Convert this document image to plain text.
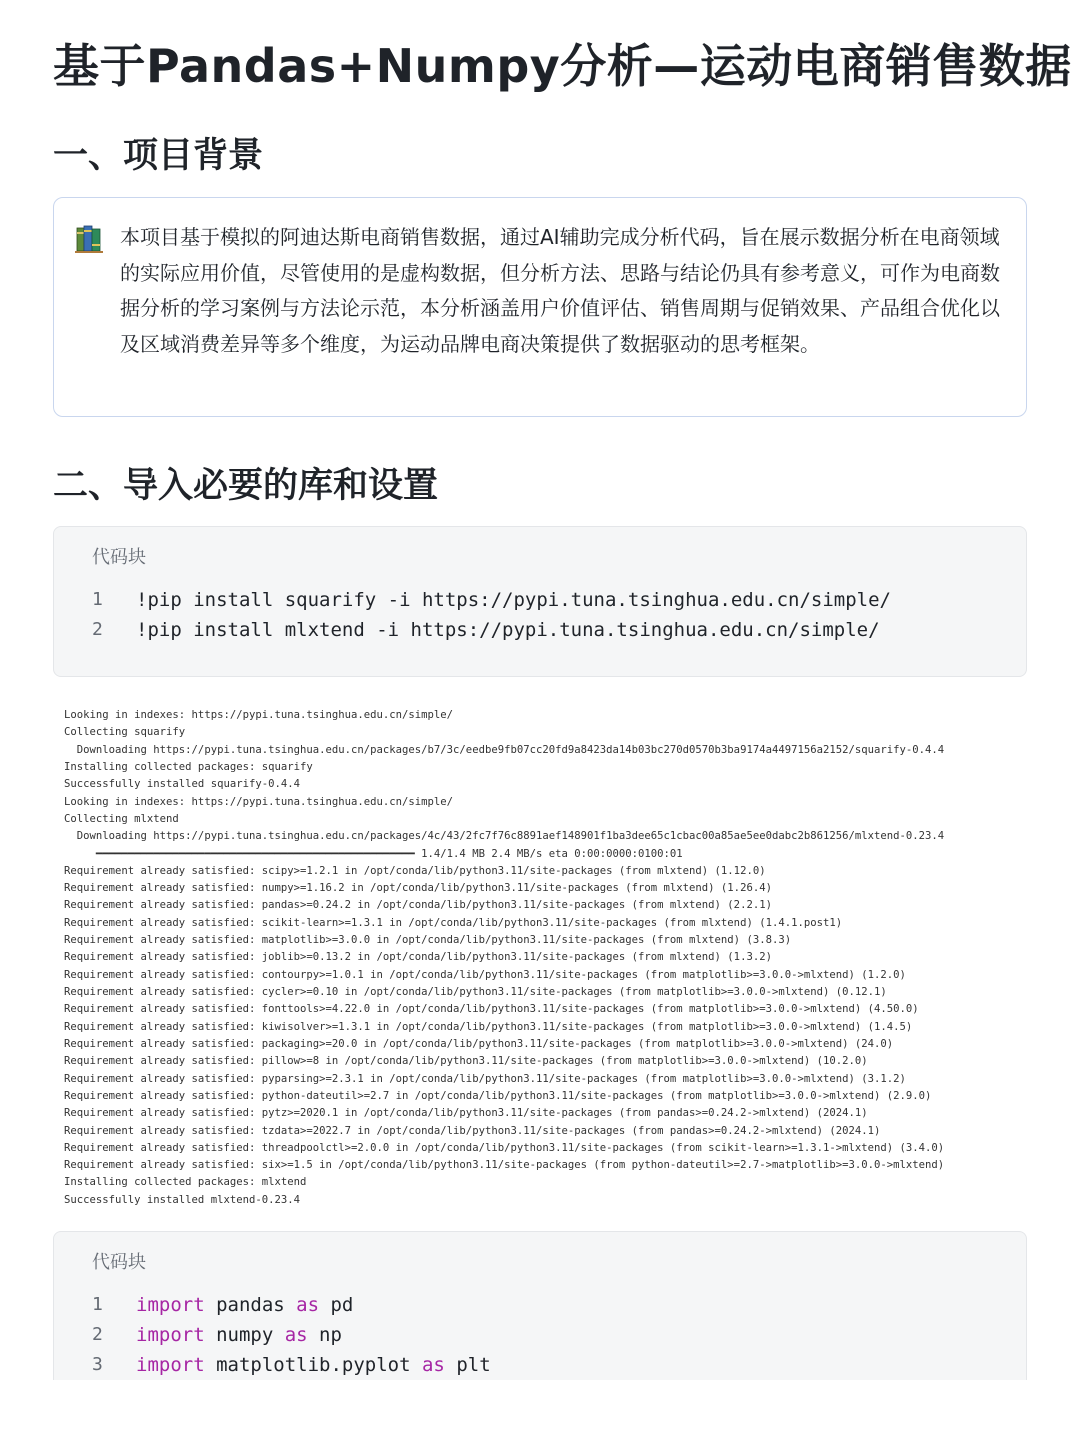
基于Pandas+Numpy分析—运动电商销售数据
一、项目背景

本项目基于模拟的阿迪达斯电商销售数据，通过AI辅助完成分析代码，旨在展示数据分析在电商领域的实际应用价值，尽管使用的是虚构数据，但分析方法、思路与结论仍具有参考意义，可作为电商数据分析的学习案例与方法论示范，本分析涵盖用户价值评估、销售周期与促销效果、产品组合优化以及区域消费差异等多个维度，为运动品牌电商决策提供了数据驱动的思考框架。

二、导入必要的库和设置
代码块
1	!pip install squarify -i https://pypi.tuna.tsinghua.edu.cn/simple/
2	!pip install mlxtend -i https://pypi.tuna.tsinghua.edu.cn/simple/
Looking in indexes: https://pypi.tuna.tsinghua.edu.cn/simple/
Collecting squarify
Downloading https://pypi.tuna.tsinghua.edu.cn/packages/b7/3c/eedbe9fb07cc20fd9a8423da14b03bc270d0570b3ba9174a4497156a2152/squarify-0.4.4
Installing collected packages: squarify
Successfully installed squarify-0.4.4
Looking in indexes: https://pypi.tuna.tsinghua.edu.cn/simple/
Collecting mlxtend
Downloading https://pypi.tuna.tsinghua.edu.cn/packages/4c/43/2fc7f76c8891aef148901f1ba3dee65c1cbac00a85ae5ee0dabc2b861256/mlxtend-0.23.4
━━━━━━━━━━━━━━━━━━━━━━━━━━━━━━━━━━━━━━━━━━━━━━━━━━ 1.4/1.4 MB 2.4 MB/s eta 0:00:0000:0100:01
Requirement already satisfied: scipy>=1.2.1 in /opt/conda/lib/python3.11/site-packages (from mlxtend) (1.12.0)
Requirement already satisfied: numpy>=1.16.2 in /opt/conda/lib/python3.11/site-packages (from mlxtend) (1.26.4)
Requirement already satisfied: pandas>=0.24.2 in /opt/conda/lib/python3.11/site-packages (from mlxtend) (2.2.1)
Requirement already satisfied: scikit-learn>=1.3.1 in /opt/conda/lib/python3.11/site-packages (from mlxtend) (1.4.1.post1)
Requirement already satisfied: matplotlib>=3.0.0 in /opt/conda/lib/python3.11/site-packages (from mlxtend) (3.8.3)
Requirement already satisfied: joblib>=0.13.2 in /opt/conda/lib/python3.11/site-packages (from mlxtend) (1.3.2)
Requirement already satisfied: contourpy>=1.0.1 in /opt/conda/lib/python3.11/site-packages (from matplotlib>=3.0.0->mlxtend) (1.2.0)
Requirement already satisfied: cycler>=0.10 in /opt/conda/lib/python3.11/site-packages (from matplotlib>=3.0.0->mlxtend) (0.12.1)
Requirement already satisfied: fonttools>=4.22.0 in /opt/conda/lib/python3.11/site-packages (from matplotlib>=3.0.0->mlxtend) (4.50.0)
Requirement already satisfied: kiwisolver>=1.3.1 in /opt/conda/lib/python3.11/site-packages (from matplotlib>=3.0.0->mlxtend) (1.4.5)
Requirement already satisfied: packaging>=20.0 in /opt/conda/lib/python3.11/site-packages (from matplotlib>=3.0.0->mlxtend) (24.0)
Requirement already satisfied: pillow>=8 in /opt/conda/lib/python3.11/site-packages (from matplotlib>=3.0.0->mlxtend) (10.2.0)
Requirement already satisfied: pyparsing>=2.3.1 in /opt/conda/lib/python3.11/site-packages (from matplotlib>=3.0.0->mlxtend) (3.1.2)
Requirement already satisfied: python-dateutil>=2.7 in /opt/conda/lib/python3.11/site-packages (from matplotlib>=3.0.0->mlxtend) (2.9.0)
Requirement already satisfied: pytz>=2020.1 in /opt/conda/lib/python3.11/site-packages (from pandas>=0.24.2->mlxtend) (2024.1)
Requirement already satisfied: tzdata>=2022.7 in /opt/conda/lib/python3.11/site-packages (from pandas>=0.24.2->mlxtend) (2024.1)
Requirement already satisfied: threadpoolctl>=2.0.0 in /opt/conda/lib/python3.11/site-packages (from scikit-learn>=1.3.1->mlxtend) (3.4.0)
Requirement already satisfied: six>=1.5 in /opt/conda/lib/python3.11/site-packages (from python-dateutil>=2.7->matplotlib>=3.0.0->mlxtend)
Installing collected packages: mlxtend
Successfully installed mlxtend-0.23.4
代码块
1	import pandas as pd
2	import numpy as np
3	import matplotlib.pyplot as plt
